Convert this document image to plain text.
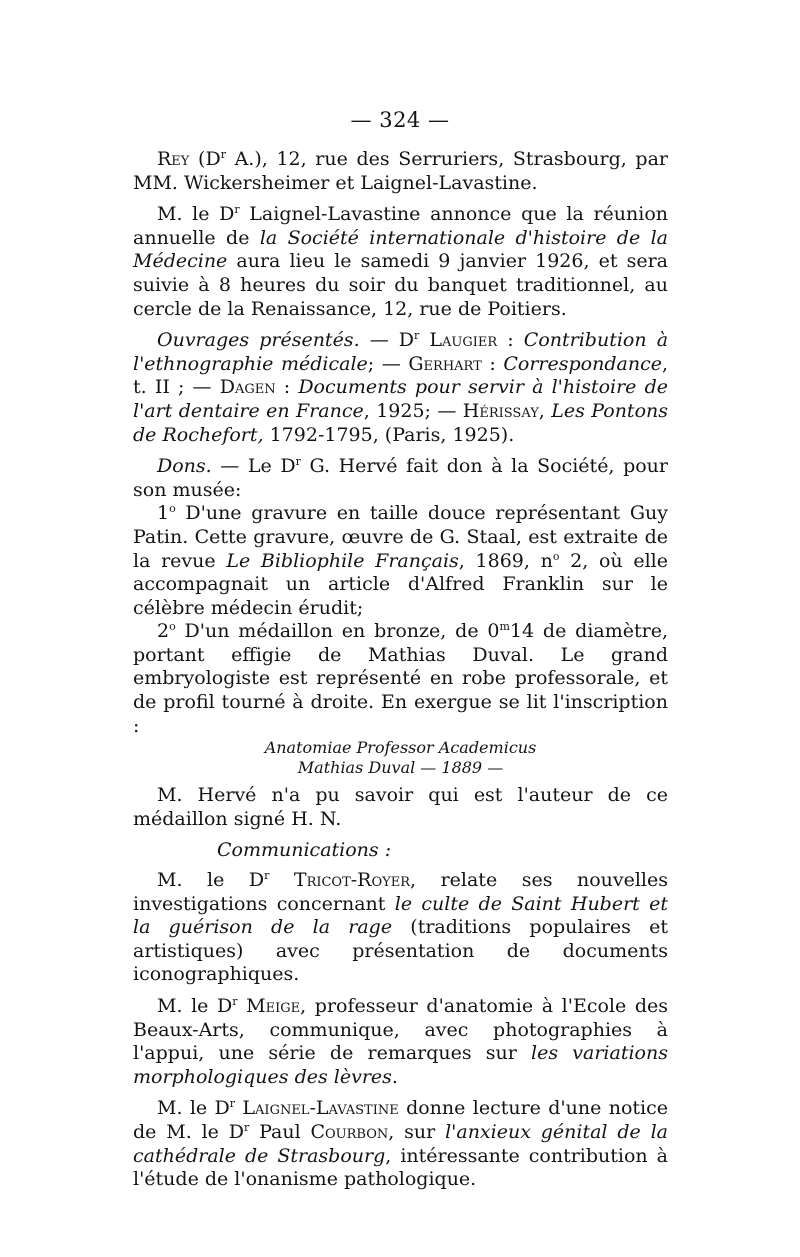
— 324 —

Rey ($D^r$ A.), 12, rue des Serruriers, Strasbourg, par MM. Wickersheimer et Laignel-Lavastine.

M. le $D^r$ Laignel-Lavastine annonce que la réunion annuelle de la Société internationale d'histoire de la Médecine aura lieu le samedi 9 janvier 1926, et sera suivie à 8 heures du soir du banquet traditionnel, au cercle de la Renaissance, 12, rue de Poitiers.

Ouvrages présentés. — $D^r$ Laugier : Contribution à l'ethnographie médicale; — Gerhart : Correspondance, t. II ; — Dagen : Documents pour servir à l'histoire de l'art dentaire en France, 1925; — Hérissay, Les Pontons de Rochefort, 1792-1795, (Paris, 1925).

Dons. — Le $D^r$ G. Hervé fait don à la Société, pour son musée:

1$^o$ D'une gravure en taille douce représentant Guy Patin. Cette gravure, œuvre de G. Staal, est extraite de la revue Le Bibliophile Français, 1869, $n^o$ 2, où elle accompagnait un article d'Alfred Franklin sur le célèbre médecin érudit;

2$^o$ D'un médaillon en bronze, de 0$^m$14 de diamètre, portant effigie de Mathias Duval. Le grand embryologiste est représenté en robe professorale, et de profil tourné à droite. En exergue se lit l'inscription :

Anatomiae Professor Academicus

Mathias Duval — 1889 —

M. Hervé n'a pu savoir qui est l'auteur de ce médaillon signé H. N.

Communications :

M. le $D^r$ Tricot-Royer, relate ses nouvelles investigations concernant le culte de Saint Hubert et la guérison de la rage (traditions populaires et artistiques) avec présentation de documents iconographiques.

M. le $D^r$ Meige, professeur d'anatomie à l'Ecole des Beaux-Arts, communique, avec photographies à l'appui, une série de remarques sur les variations morphologiques des lèvres.

M. le $D^r$ Laignel-Lavastine donne lecture d'une notice de M. le $D^r$ Paul Courbon, sur l'anxieux génital de la cathédrale de Strasbourg, intéressante contribution à l'étude de l'onanisme pathologique.
